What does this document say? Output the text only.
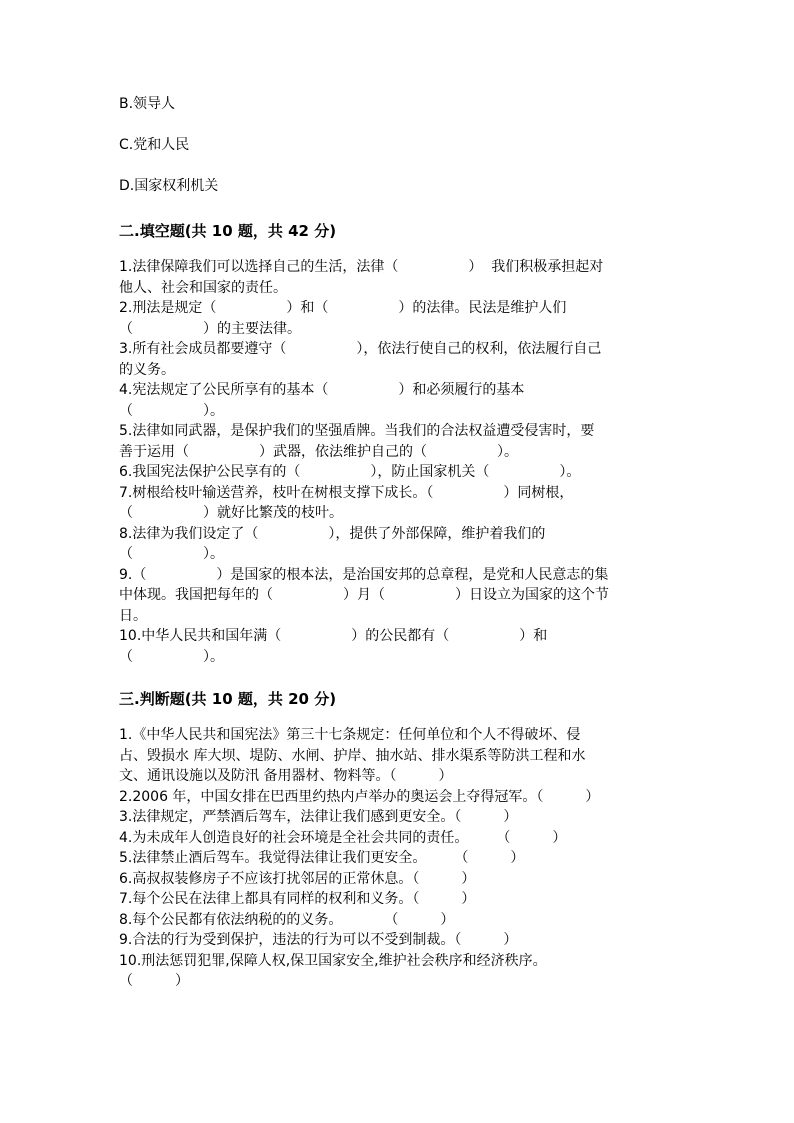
B.领导人

C.党和人民

D.国家权利机关

二.填空题(共 10 题，共 42 分)

1.法律保障我们可以选择自己的生活，法律（　　　　　）  我们积极承担起对

他人、社会和国家的责任。

2.刑法是规定（　　　　　）和（　　　　　）的法律。民法是维护人们

（　　　　　）的主要法律。

3.所有社会成员都要遵守（　　　　　），依法行使自己的权利，依法履行自己

的义务。

4.宪法规定了公民所享有的基本（　　　　　）和必须履行的基本

（　　　　　）。

5.法律如同武器，是保护我们的坚强盾牌。当我们的合法权益遭受侵害时，要

善于运用（　　　　　）武器，依法维护自己的（　　　　　）。

6.我国宪法保护公民享有的（　　　　　），防止国家机关（　　　　　）。

7.树根给枝叶输送营养，枝叶在树根支撑下成长。（　　　　　）同树根，

（　　　　　）就好比繁茂的枝叶。

8.法律为我们设定了（　　　　　），提供了外部保障，维护着我们的

（　　　　　）。

9.（　　　　　）是国家的根本法，是治国安邦的总章程，是党和人民意志的集

中体现。我国把每年的（　　　　　）月（　　　　　）日设立为国家的这个节

日。

10.中华人民共和国年满（　　　　　）的公民都有（　　　　　）和

（　　　　　）。

三.判断题(共 10 题，共 20 分)

1.《中华人民共和国宪法》第三十七条规定：任何单位和个人不得破坏、侵

占、毁损水 库大坝、堤防、水闸、护岸、抽水站、排水渠系等防洪工程和水

文、通讯设施以及防汛 备用器材、物料等。（　　　）

2.2006 年，中国女排在巴西里约热内卢举办的奥运会上夺得冠军。（　　　）

3.法律规定，严禁酒后驾车，法律让我们感到更安全。（　　　）

4.为未成年人创造良好的社会环境是全社会共同的责任。　　　（　　　）

5.法律禁止酒后驾车。我觉得法律让我们更安全。　　　（　　　）

6.高叔叔装修房子不应该打扰邻居的正常休息。（　　　）

7.每个公民在法律上都具有同样的权利和义务。（　　　）

8.每个公民都有依法纳税的的义务。　　　　（　　　）

9.合法的行为受到保护，违法的行为可以不受到制裁。（　　　）

10.刑法惩罚犯罪,保障人权,保卫国家安全,维护社会秩序和经济秩序。

（　　　）
